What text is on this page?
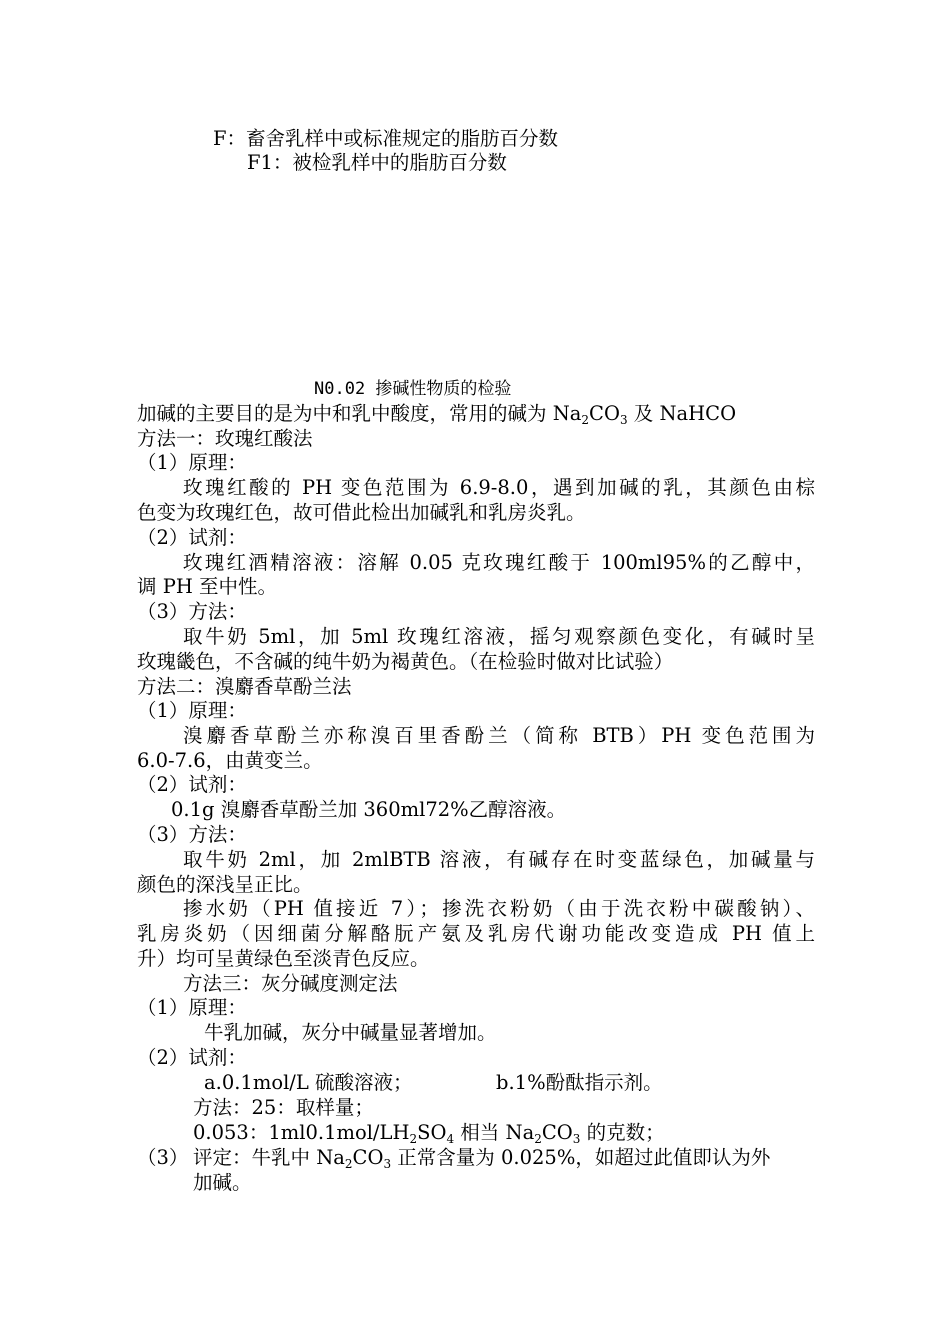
F：畜舍乳样中或标准规定的脂肪百分数
F1：被检乳样中的脂肪百分数
N0.02 掺碱性物质的检验
加碱的主要目的是为中和乳中酸度，常用的碱为 $Na_2CO_3$ 及 NaHCO
方法一：玫瑰红酸法
（1）原理：
玫瑰红酸的 PH 变色范围为 6.9-8.0，遇到加碱的乳，其颜色由棕
色变为玫瑰红色，故可借此检出加碱乳和乳房炎乳。
（2）试剂：
玫瑰红酒精溶液：溶解 0.05 克玫瑰红酸于 100ml95%的乙醇中，
调 PH 至中性。
（3）方法：
取牛奶 5ml，加 5ml 玫瑰红溶液，摇匀观察颜色变化，有碱时呈
玫瑰畿色，不含碱的纯牛奶为褐黄色。（在检验时做对比试验）
方法二：溴麝香草酚兰法
（1）原理：
溴麝香草酚兰亦称溴百里香酚兰（简称 BTB）PH 变色范围为
6.0-7.6，由黄变兰。
（2）试剂：
0.1g 溴麝香草酚兰加 360ml72%乙醇溶液。
（3）方法：
取牛奶 2ml，加 2mlBTB 溶液，有碱存在时变蓝绿色，加碱量与
颜色的深浅呈正比。
掺水奶（PH 值接近 7）；掺洗衣粉奶（由于洗衣粉中碳酸钠）、
乳房炎奶（因细菌分解酪朊产氨及乳房代谢功能改变造成 PH 值上
升）均可呈黄绿色至淡青色反应。
方法三：灰分碱度测定法
（1）原理：
牛乳加碱，灰分中碱量显著增加。
（2）试剂：
a.0.1mol/L 硫酸溶液；	b.1%酚酞指示剂。
方法：25：取样量；
0.053：$1ml0.1mol/LH_2SO_4$ 相当 $Na_2CO_3$ 的克数；
（3） 评定：牛乳中 $Na_2CO_3$ 正常含量为 0.025%，如超过此值即认为外
加碱。
